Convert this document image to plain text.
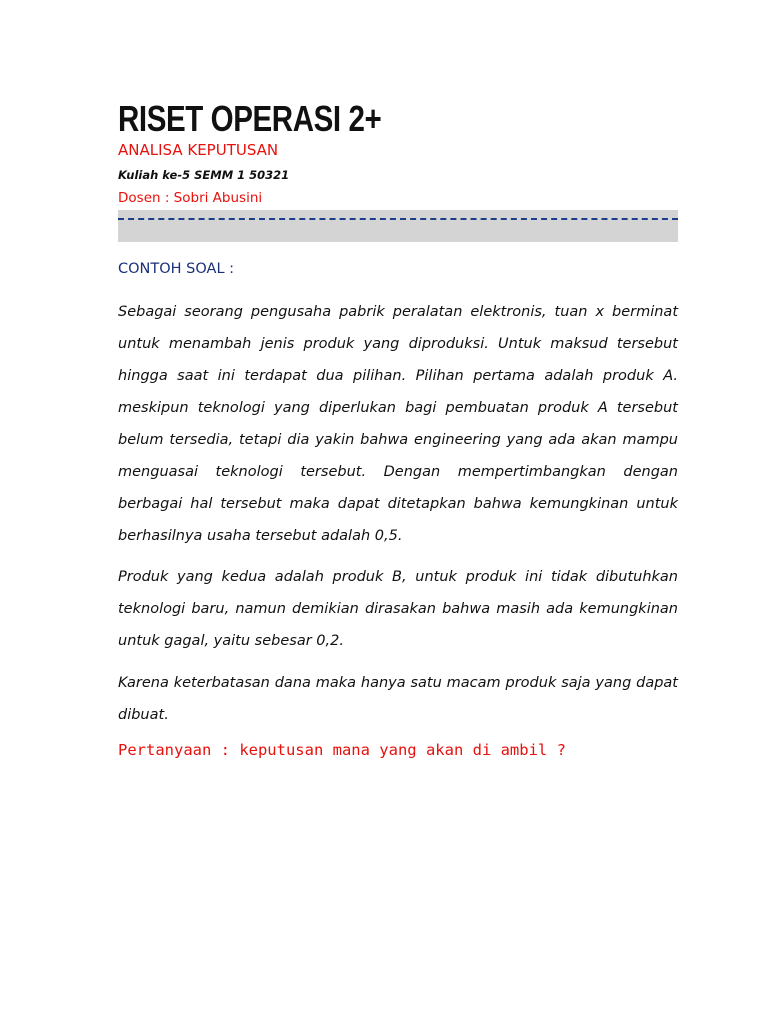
RISET OPERASI 2+
ANALISA KEPUTUSAN
Kuliah ke-5 SEMM 1 50321
Dosen : Sobri Abusini
CONTOH SOAL :

Sebagai seorang pengusaha pabrik peralatan elektronis, tuan x berminat untuk menambah jenis produk yang diproduksi. Untuk maksud tersebut hingga saat ini terdapat dua pilihan. Pilihan pertama adalah produk A. meskipun teknologi yang diperlukan bagi pembuatan produk A tersebut belum tersedia, tetapi dia yakin bahwa engineering yang ada akan mampu menguasai teknologi tersebut. Dengan mempertimbangkan dengan berbagai hal tersebut maka dapat ditetapkan bahwa kemungkinan untuk berhasilnya usaha tersebut adalah 0,5.

Produk yang kedua adalah produk B, untuk produk ini tidak dibutuhkan teknologi baru, namun demikian dirasakan bahwa masih ada kemungkinan untuk gagal, yaitu sebesar 0,2.

Karena keterbatasan dana maka hanya satu macam produk saja yang dapat dibuat.

Pertanyaan : keputusan mana yang akan di ambil ?
